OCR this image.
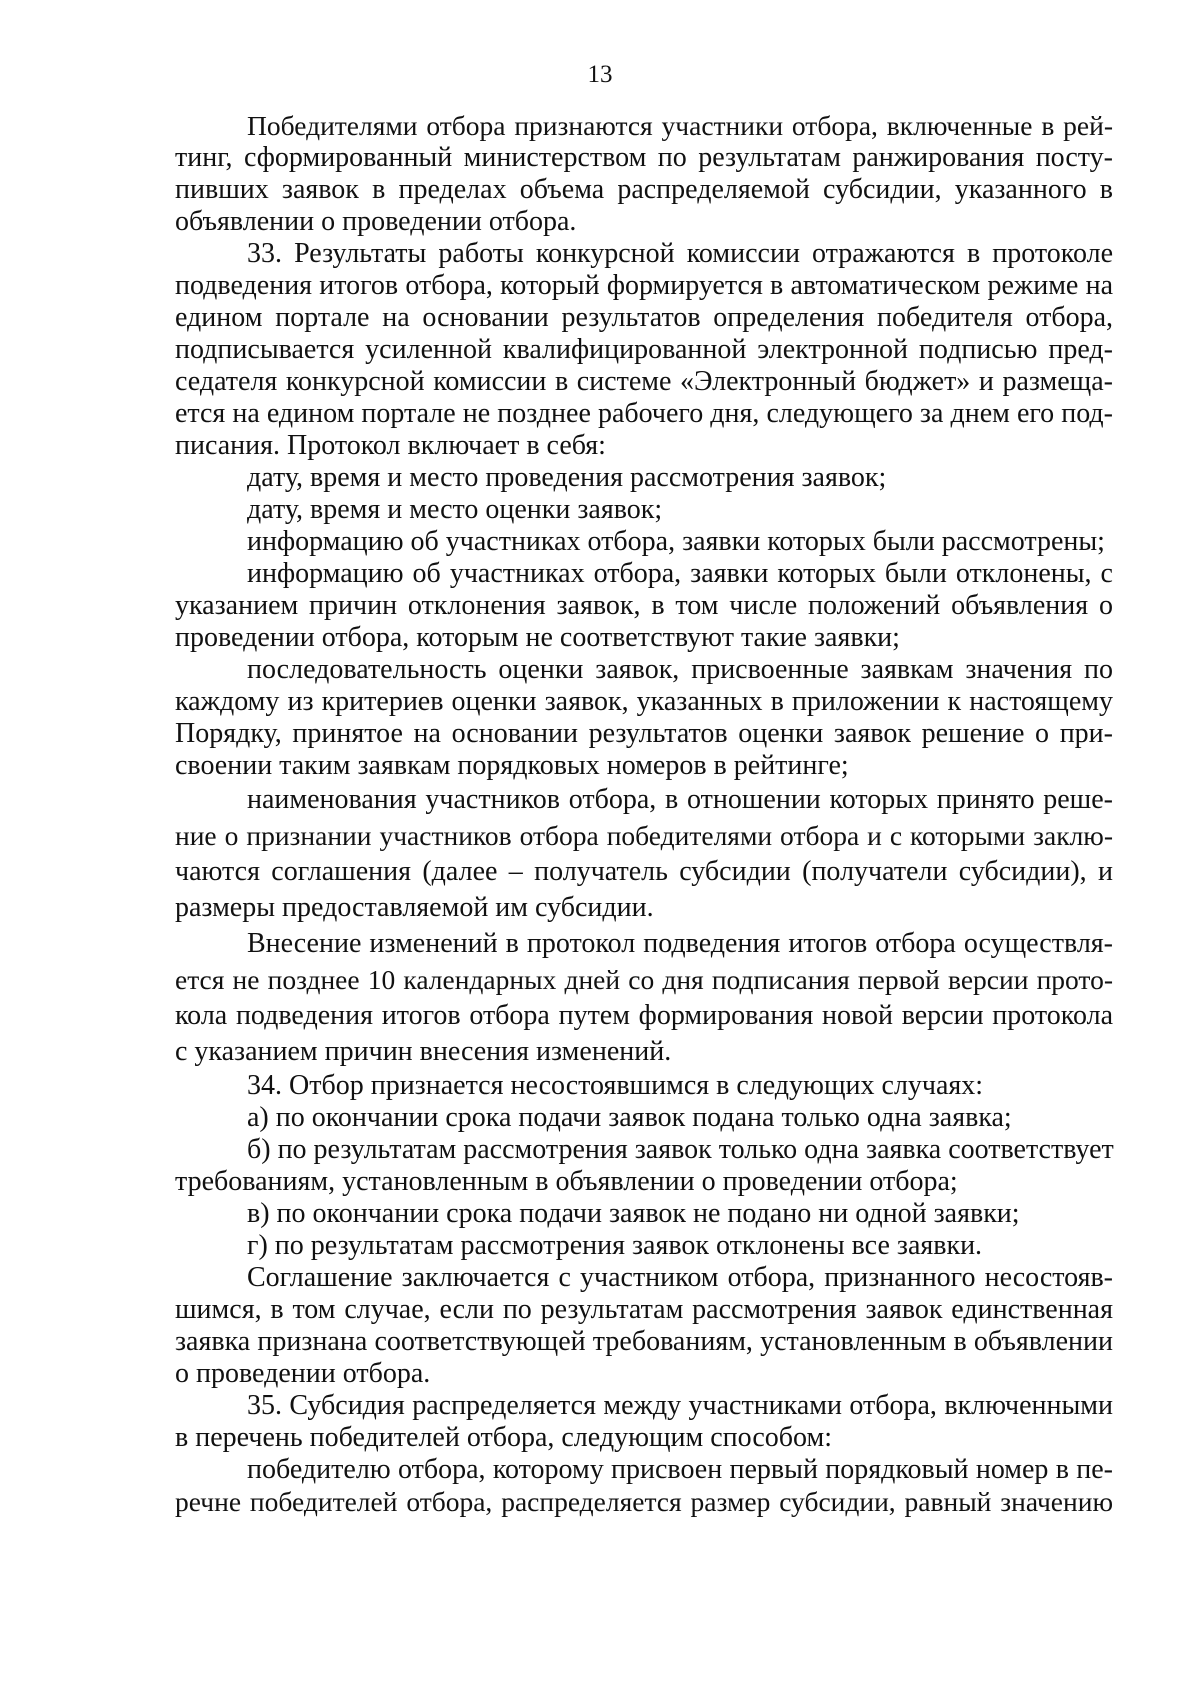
13
Победителями отбора признаются участники отбора, включенные в рей-
тинг, сформированный министерством по результатам ранжирования посту-
пивших заявок в пределах объема распределяемой субсидии, указанного в
объявлении о проведении отбора.
33. Результаты работы конкурсной комиссии отражаются в протоколе
подведения итогов отбора, который формируется в автоматическом режиме на
едином портале на основании результатов определения победителя отбора,
подписывается усиленной квалифицированной электронной подписью пред-
седателя конкурсной комиссии в системе «Электронный бюджет» и размеща-
ется на едином портале не позднее рабочего дня, следующего за днем его под-
писания. Протокол включает в себя:
дату, время и место проведения рассмотрения заявок;
дату, время и место оценки заявок;
информацию об участниках отбора, заявки которых были рассмотрены;
информацию об участниках отбора, заявки которых были отклонены, с
указанием причин отклонения заявок, в том числе положений объявления о
проведении отбора, которым не соответствуют такие заявки;
последовательность оценки заявок, присвоенные заявкам значения по
каждому из критериев оценки заявок, указанных в приложении к настоящему
Порядку, принятое на основании результатов оценки заявок решение о при-
своении таким заявкам порядковых номеров в рейтинге;
наименования участников отбора, в отношении которых принято реше-
ние о признании участников отбора победителями отбора и с которыми заклю-
чаются соглашения (далее – получатель субсидии (получатели субсидии), и
размеры предоставляемой им субсидии.
Внесение изменений в протокол подведения итогов отбора осуществля-
ется не позднее 10 календарных дней со дня подписания первой версии прото-
кола подведения итогов отбора путем формирования новой версии протокола
с указанием причин внесения изменений.
34. Отбор признается несостоявшимся в следующих случаях:
а) по окончании срока подачи заявок подана только одна заявка;
б) по результатам рассмотрения заявок только одна заявка соответствует
требованиям, установленным в объявлении о проведении отбора;
в) по окончании срока подачи заявок не подано ни одной заявки;
г) по результатам рассмотрения заявок отклонены все заявки.
Соглашение заключается с участником отбора, признанного несостояв-
шимся, в том случае, если по результатам рассмотрения заявок единственная
заявка признана соответствующей требованиям, установленным в объявлении
о проведении отбора.
35. Субсидия распределяется между участниками отбора, включенными
в перечень победителей отбора, следующим способом:
победителю отбора, которому присвоен первый порядковый номер в пе-
речне победителей отбора, распределяется размер субсидии, равный значению
